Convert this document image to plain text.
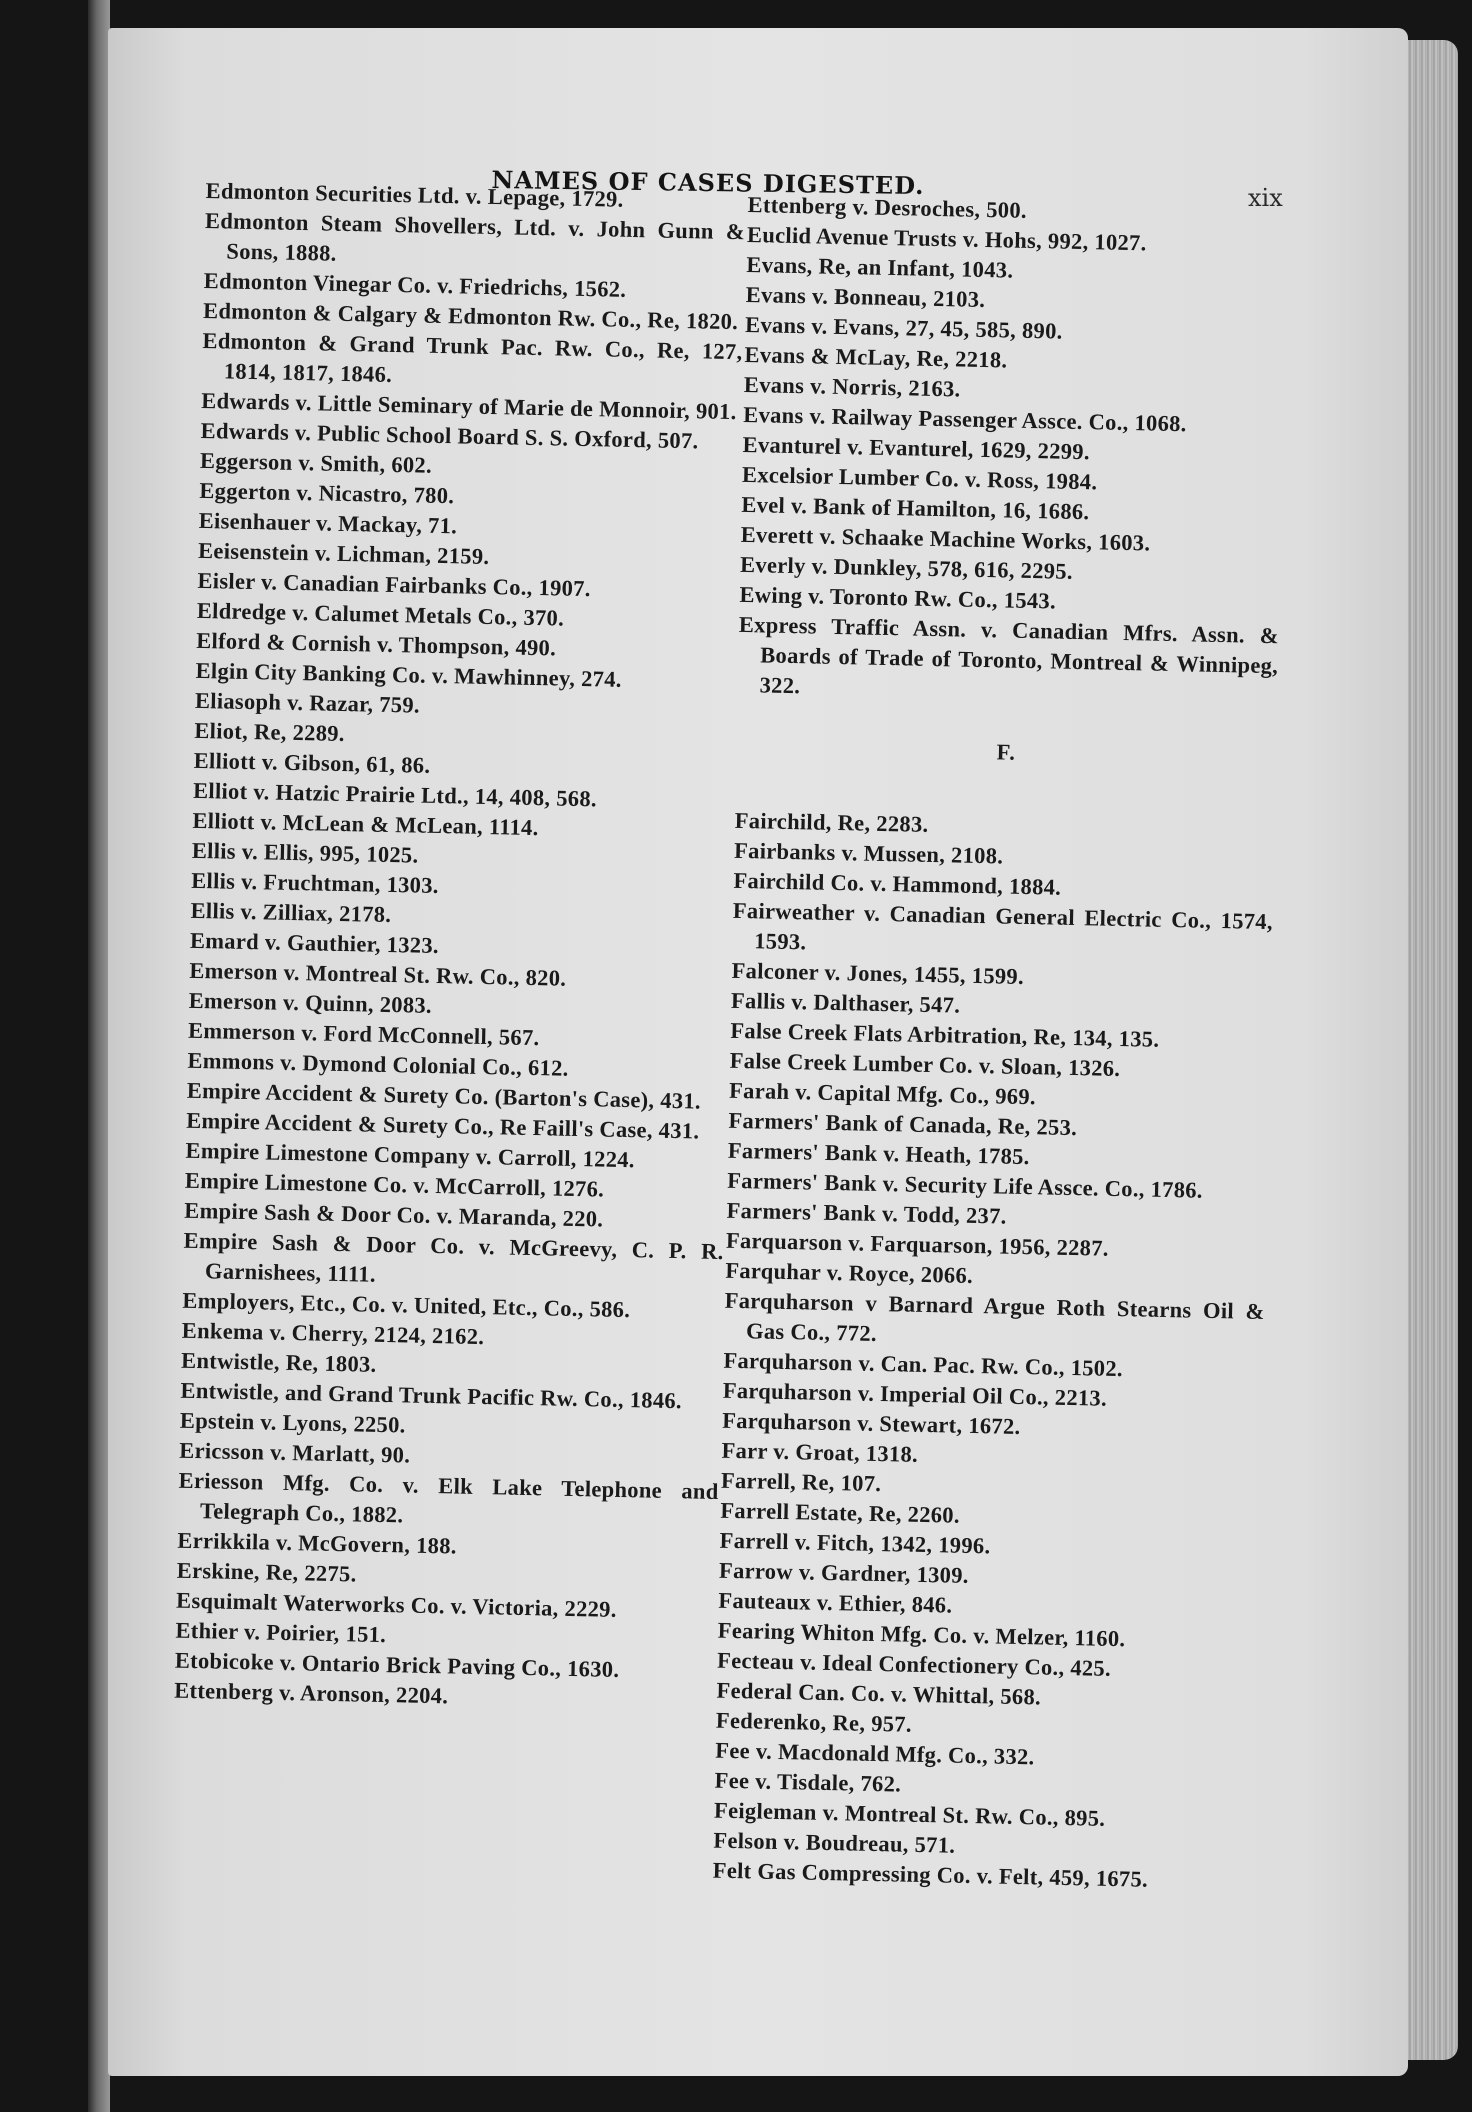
NAMES OF CASES DIGESTED.	xix
Edmonton Securities Ltd. v. Lepage, 1729.
Edmonton Steam Shovellers, Ltd. v. John Gunn & Sons, 1888.
Edmonton Vinegar Co. v. Friedrichs, 1562.
Edmonton & Calgary & Edmonton Rw. Co., Re, 1820.
Edmonton & Grand Trunk Pac. Rw. Co., Re, 127, 1814, 1817, 1846.
Edwards v. Little Seminary of Marie de Monnoir, 901.
Edwards v. Public School Board S. S. Oxford, 507.
Eggerson v. Smith, 602.
Eggerton v. Nicastro, 780.
Eisenhauer v. Mackay, 71.
Eeisenstein v. Lichman, 2159.
Eisler v. Canadian Fairbanks Co., 1907.
Eldredge v. Calumet Metals Co., 370.
Elford & Cornish v. Thompson, 490.
Elgin City Banking Co. v. Mawhinney, 274.
Eliasoph v. Razar, 759.
Eliot, Re, 2289.
Elliott v. Gibson, 61, 86.
Elliot v. Hatzic Prairie Ltd., 14, 408, 568.
Elliott v. McLean & McLean, 1114.
Ellis v. Ellis, 995, 1025.
Ellis v. Fruchtman, 1303.
Ellis v. Zilliax, 2178.
Emard v. Gauthier, 1323.
Emerson v. Montreal St. Rw. Co., 820.
Emerson v. Quinn, 2083.
Emmerson v. Ford McConnell, 567.
Emmons v. Dymond Colonial Co., 612.
Empire Accident & Surety Co. (Barton's Case), 431.
Empire Accident & Surety Co., Re Faill's Case, 431.
Empire Limestone Company v. Carroll, 1224.
Empire Limestone Co. v. McCarroll, 1276.
Empire Sash & Door Co. v. Maranda, 220.
Empire Sash & Door Co. v. McGreevy, C. P. R. Garnishees, 1111.
Employers, Etc., Co. v. United, Etc., Co., 586.
Enkema v. Cherry, 2124, 2162.
Entwistle, Re, 1803.
Entwistle, and Grand Trunk Pacific Rw. Co., 1846.
Epstein v. Lyons, 2250.
Ericsson v. Marlatt, 90.
Eriesson Mfg. Co. v. Elk Lake Telephone and Telegraph Co., 1882.
Errikkila v. McGovern, 188.
Erskine, Re, 2275.
Esquimalt Waterworks Co. v. Victoria, 2229.
Ethier v. Poirier, 151.
Etobicoke v. Ontario Brick Paving Co., 1630.
Ettenberg v. Aronson, 2204.
Ettenberg v. Desroches, 500.
Euclid Avenue Trusts v. Hohs, 992, 1027.
Evans, Re, an Infant, 1043.
Evans v. Bonneau, 2103.
Evans v. Evans, 27, 45, 585, 890.
Evans & McLay, Re, 2218.
Evans v. Norris, 2163.
Evans v. Railway Passenger Assce. Co., 1068.
Evanturel v. Evanturel, 1629, 2299.
Excelsior Lumber Co. v. Ross, 1984.
Evel v. Bank of Hamilton, 16, 1686.
Everett v. Schaake Machine Works, 1603.
Everly v. Dunkley, 578, 616, 2295.
Ewing v. Toronto Rw. Co., 1543.
Express Traffic Assn. v. Canadian Mfrs. Assn. & Boards of Trade of Toronto, Montreal & Winnipeg, 322.
F.
Fairchild, Re, 2283.
Fairbanks v. Mussen, 2108.
Fairchild Co. v. Hammond, 1884.
Fairweather v. Canadian General Electric Co., 1574, 1593.
Falconer v. Jones, 1455, 1599.
Fallis v. Dalthaser, 547.
False Creek Flats Arbitration, Re, 134, 135.
False Creek Lumber Co. v. Sloan, 1326.
Farah v. Capital Mfg. Co., 969.
Farmers' Bank of Canada, Re, 253.
Farmers' Bank v. Heath, 1785.
Farmers' Bank v. Security Life Assce. Co., 1786.
Farmers' Bank v. Todd, 237.
Farquarson v. Farquarson, 1956, 2287.
Farquhar v. Royce, 2066.
Farquharson v Barnard Argue Roth Stearns Oil & Gas Co., 772.
Farquharson v. Can. Pac. Rw. Co., 1502.
Farquharson v. Imperial Oil Co., 2213.
Farquharson v. Stewart, 1672.
Farr v. Groat, 1318.
Farrell, Re, 107.
Farrell Estate, Re, 2260.
Farrell v. Fitch, 1342, 1996.
Farrow v. Gardner, 1309.
Fauteaux v. Ethier, 846.
Fearing Whiton Mfg. Co. v. Melzer, 1160.
Fecteau v. Ideal Confectionery Co., 425.
Federal Can. Co. v. Whittal, 568.
Federenko, Re, 957.
Fee v. Macdonald Mfg. Co., 332.
Fee v. Tisdale, 762.
Feigleman v. Montreal St. Rw. Co., 895.
Felson v. Boudreau, 571.
Felt Gas Compressing Co. v. Felt, 459, 1675.
